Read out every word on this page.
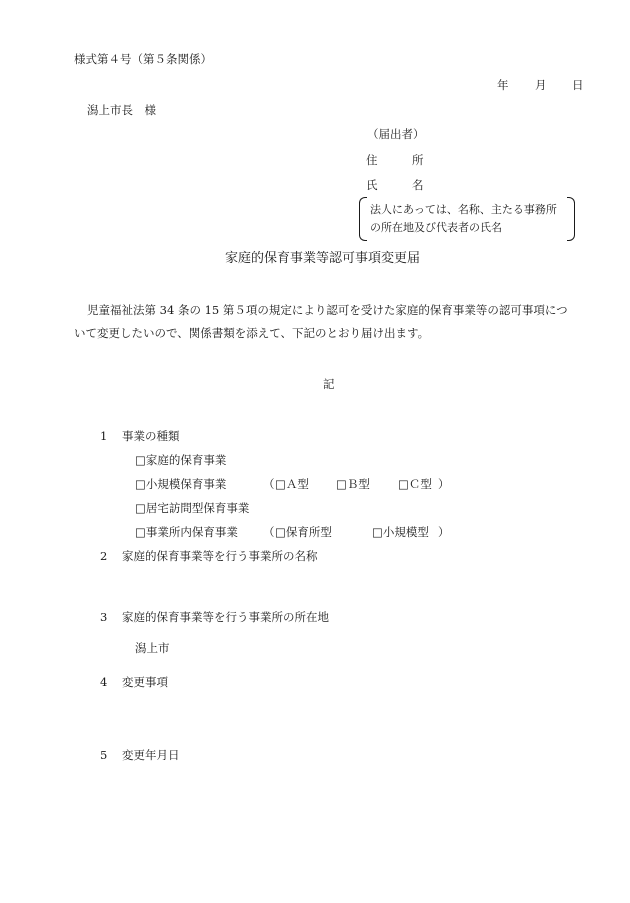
様式第４号（第５条関係）
年 月 日
潟上市長　様
（届出者）
住　　　所
氏　　　名
法人にあっては、名称、主たる事務所
の所在地及び代表者の氏名
家庭的保育事業等認可事項変更届
児童福祉法第 34 条の 15 第５項の規定により認可を受けた家庭的保育事業等の認可事項につ
いて変更したいので、関係書類を添えて、下記のとおり届け出ます。
記
1 事業の種類
□家庭的保育事業
□小規模保育事業	（ □Ａ型 □Ｂ型 □Ｃ型 ）
□居宅訪問型保育事業
□事業所内保育事業 （ □保育所型	□小規模型 ）
2 家庭的保育事業等を行う事業所の名称
3 家庭的保育事業等を行う事業所の所在地
潟上市
4 変更事項
5 変更年月日
